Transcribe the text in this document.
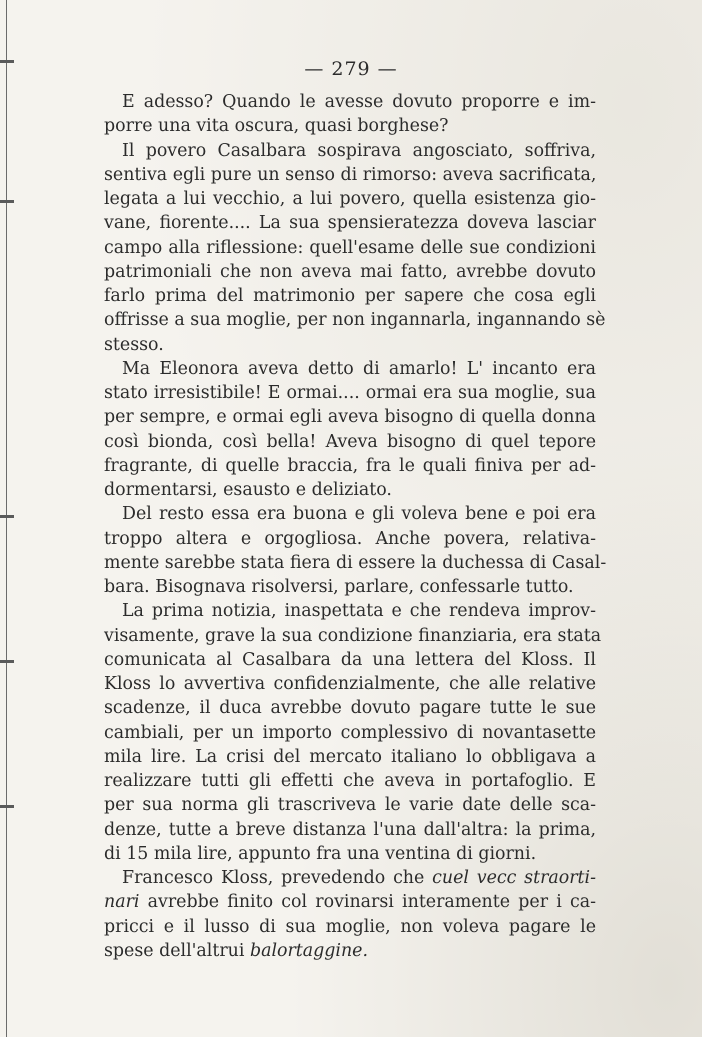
— 279 —
E adesso? Quando le avesse dovuto proporre e im-
porre una vita oscura, quasi borghese?
Il povero Casalbara sospirava angosciato, soffriva,
sentiva egli pure un senso di rimorso: aveva sacrificata,
legata a lui vecchio, a lui povero, quella esistenza gio-
vane, fiorente.... La sua spensieratezza doveva lasciar
campo alla riflessione: quell'esame delle sue condizioni
patrimoniali che non aveva mai fatto, avrebbe dovuto
farlo prima del matrimonio per sapere che cosa egli
offrisse a sua moglie, per non ingannarla, ingannando sè
stesso.
Ma Eleonora aveva detto di amarlo! L' incanto era
stato irresistibile! E ormai.... ormai era sua moglie, sua
per sempre, e ormai egli aveva bisogno di quella donna
così bionda, così bella! Aveva bisogno di quel tepore
fragrante, di quelle braccia, fra le quali finiva per ad-
dormentarsi, esausto e deliziato.
Del resto essa era buona e gli voleva bene e poi era
troppo altera e orgogliosa. Anche povera, relativa-
mente sarebbe stata fiera di essere la duchessa di Casal-
bara. Bisognava risolversi, parlare, confessarle tutto.
La prima notizia, inaspettata e che rendeva improv-
visamente, grave la sua condizione finanziaria, era stata
comunicata al Casalbara da una lettera del Kloss. Il
Kloss lo avvertiva confidenzialmente, che alle relative
scadenze, il duca avrebbe dovuto pagare tutte le sue
cambiali, per un importo complessivo di novantasette
mila lire. La crisi del mercato italiano lo obbligava a
realizzare tutti gli effetti che aveva in portafoglio. E
per sua norma gli trascriveva le varie date delle sca-
denze, tutte a breve distanza l'una dall'altra: la prima,
di 15 mila lire, appunto fra una ventina di giorni.
Francesco Kloss, prevedendo che cuel vecc straorti-
nari avrebbe finito col rovinarsi interamente per i ca-
pricci e il lusso di sua moglie, non voleva pagare le
spese dell'altrui balortaggine.
